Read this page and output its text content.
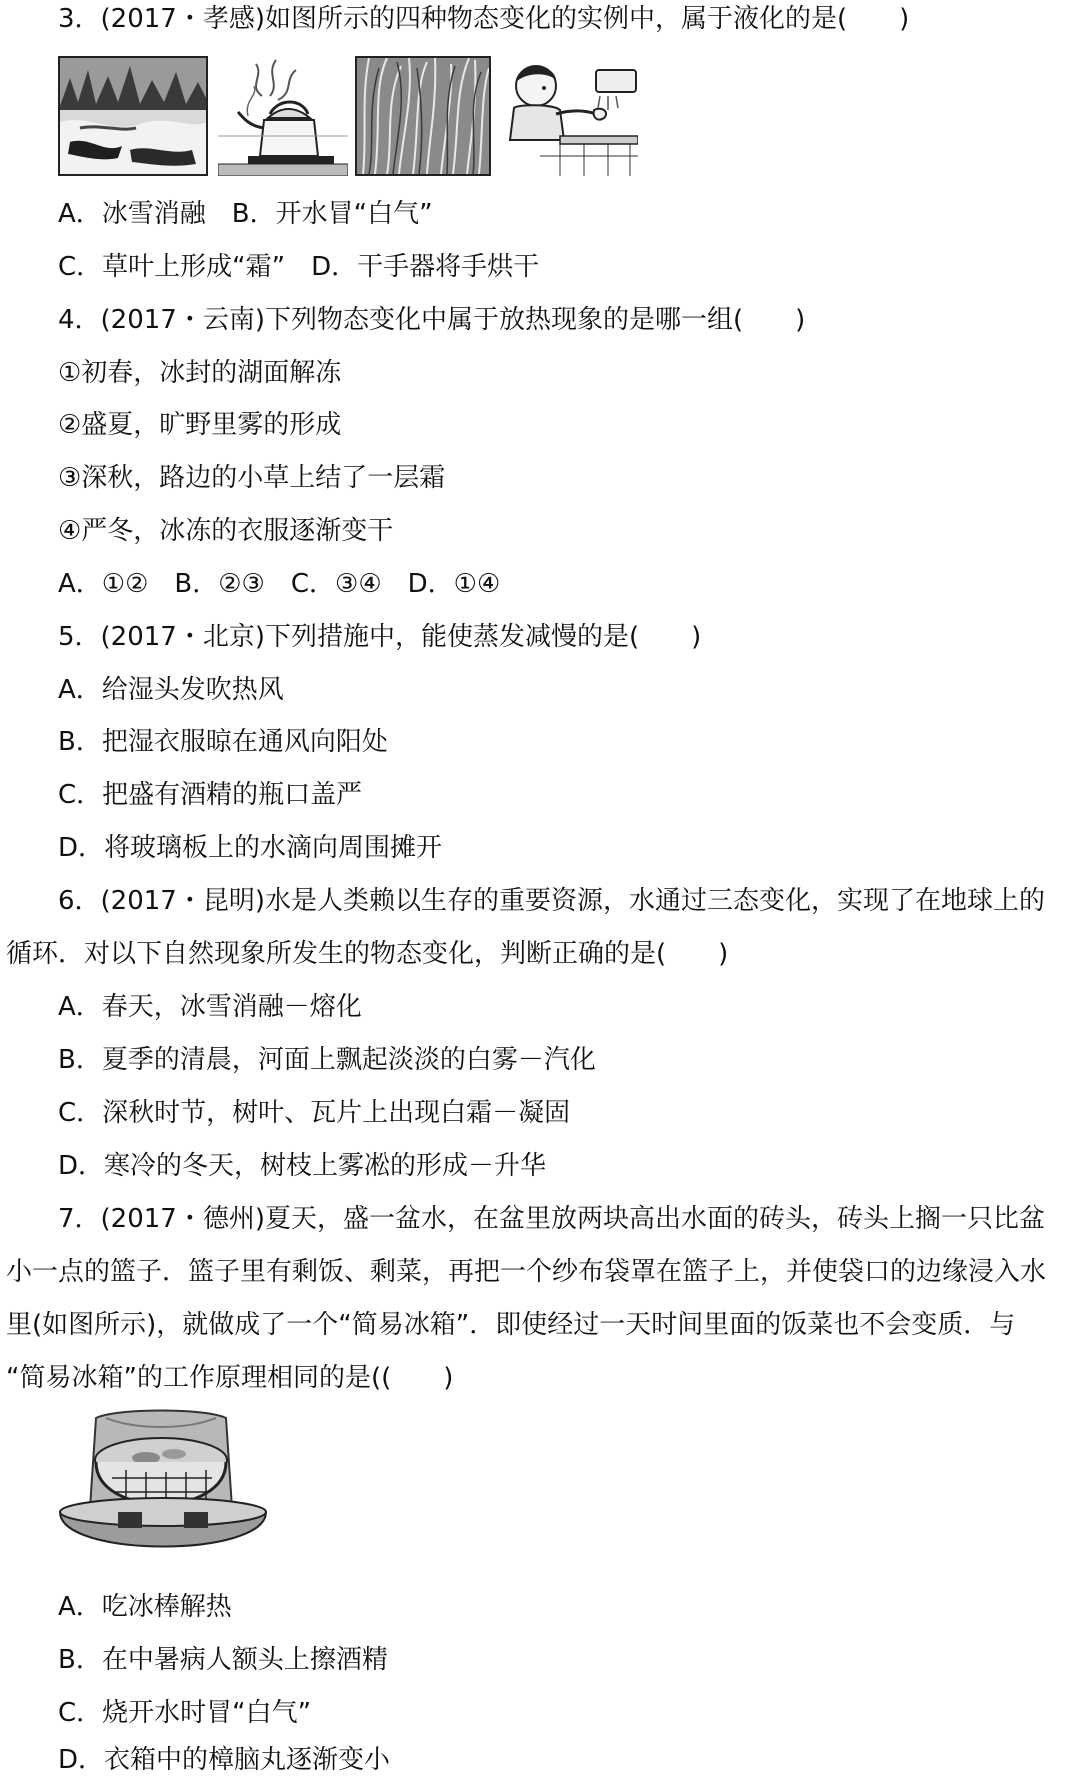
3．(2017・孝感)如图所示的四种物态变化的实例中，属于液化的是(　　)
A．冰雪消融　B．开水冒“白气”
C．草叶上形成“霜”　D．干手器将手烘干
4．(2017・云南)下列物态变化中属于放热现象的是哪一组(　　)
①初春，冰封的湖面解冻
②盛夏，旷野里雾的形成
③深秋，路边的小草上结了一层霜
④严冬，冰冻的衣服逐渐变干
A．①②　B．②③　C．③④　D．①④
5．(2017・北京)下列措施中，能使蒸发减慢的是(　　)
A．给湿头发吹热风
B．把湿衣服晾在通风向阳处
C．把盛有酒精的瓶口盖严
D．将玻璃板上的水滴向周围摊开
6．(2017・昆明)水是人类赖以生存的重要资源，水通过三态变化，实现了在地球上的
循环．对以下自然现象所发生的物态变化，判断正确的是(　　)
A．春天，冰雪消融－熔化
B．夏季的清晨，河面上飘起淡淡的白雾－汽化
C．深秋时节，树叶、瓦片上出现白霜－凝固
D．寒冷的冬天，树枝上雾凇的形成－升华
7．(2017・德州)夏天，盛一盆水，在盆里放两块高出水面的砖头，砖头上搁一只比盆
小一点的篮子．篮子里有剩饭、剩菜，再把一个纱布袋罩在篮子上，并使袋口的边缘浸入水
里(如图所示)，就做成了一个“简易冰箱”．即使经过一天时间里面的饭菜也不会变质．与
“简易冰箱”的工作原理相同的是((　　)
A．吃冰棒解热
B．在中暑病人额头上擦酒精
C．烧开水时冒“白气”
D．衣箱中的樟脑丸逐渐变小
